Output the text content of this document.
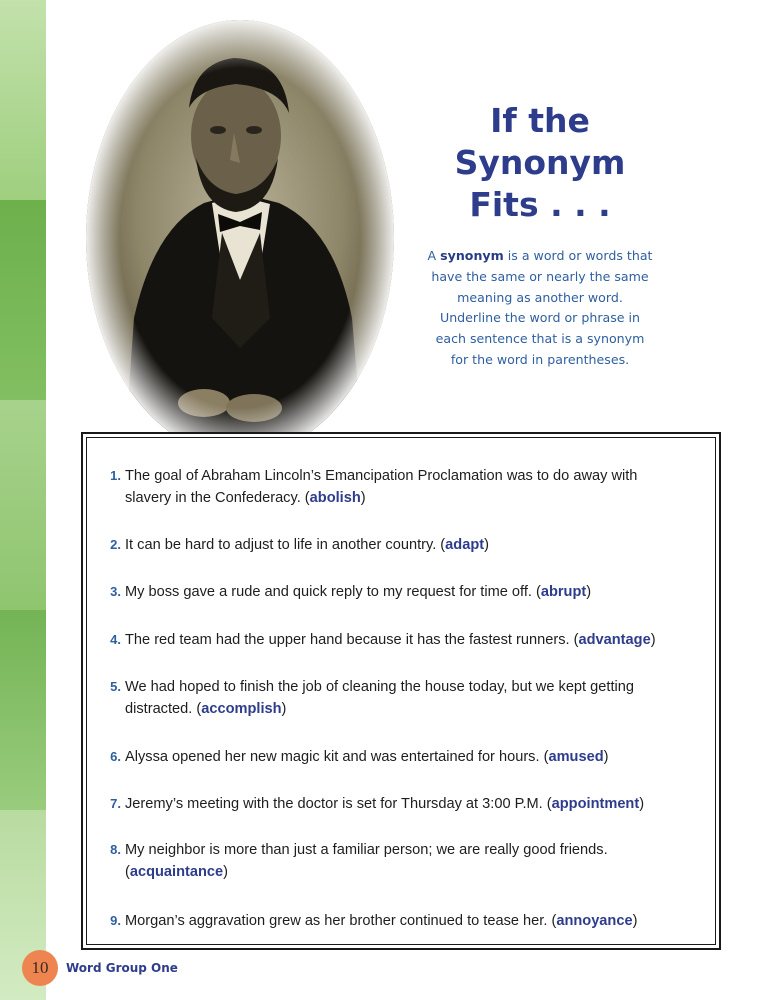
If the
Synonym
Fits . . .
A synonym is a word or words that
have the same or nearly the same
meaning as another word.
Underline the word or phrase in
each sentence that is a synonym
for the word in parentheses.
1. The goal of Abraham Lincoln’s Emancipation Proclamation was to do away with
slavery in the Confederacy. (abolish)
2. It can be hard to adjust to life in another country. (adapt)
3. My boss gave a rude and quick reply to my request for time off. (abrupt)
4. The red team had the upper hand because it has the fastest runners. (advantage)
5. We had hoped to finish the job of cleaning the house today, but we kept getting
distracted. (accomplish)
6. Alyssa opened her new magic kit and was entertained for hours. (amused)
7. Jeremy’s meeting with the doctor is set for Thursday at 3:00 P.M. (appointment)
8. My neighbor is more than just a familiar person; we are really good friends.
(acquaintance)
9. Morgan’s aggravation grew as her brother continued to tease her. (annoyance)
10	Word Group One
